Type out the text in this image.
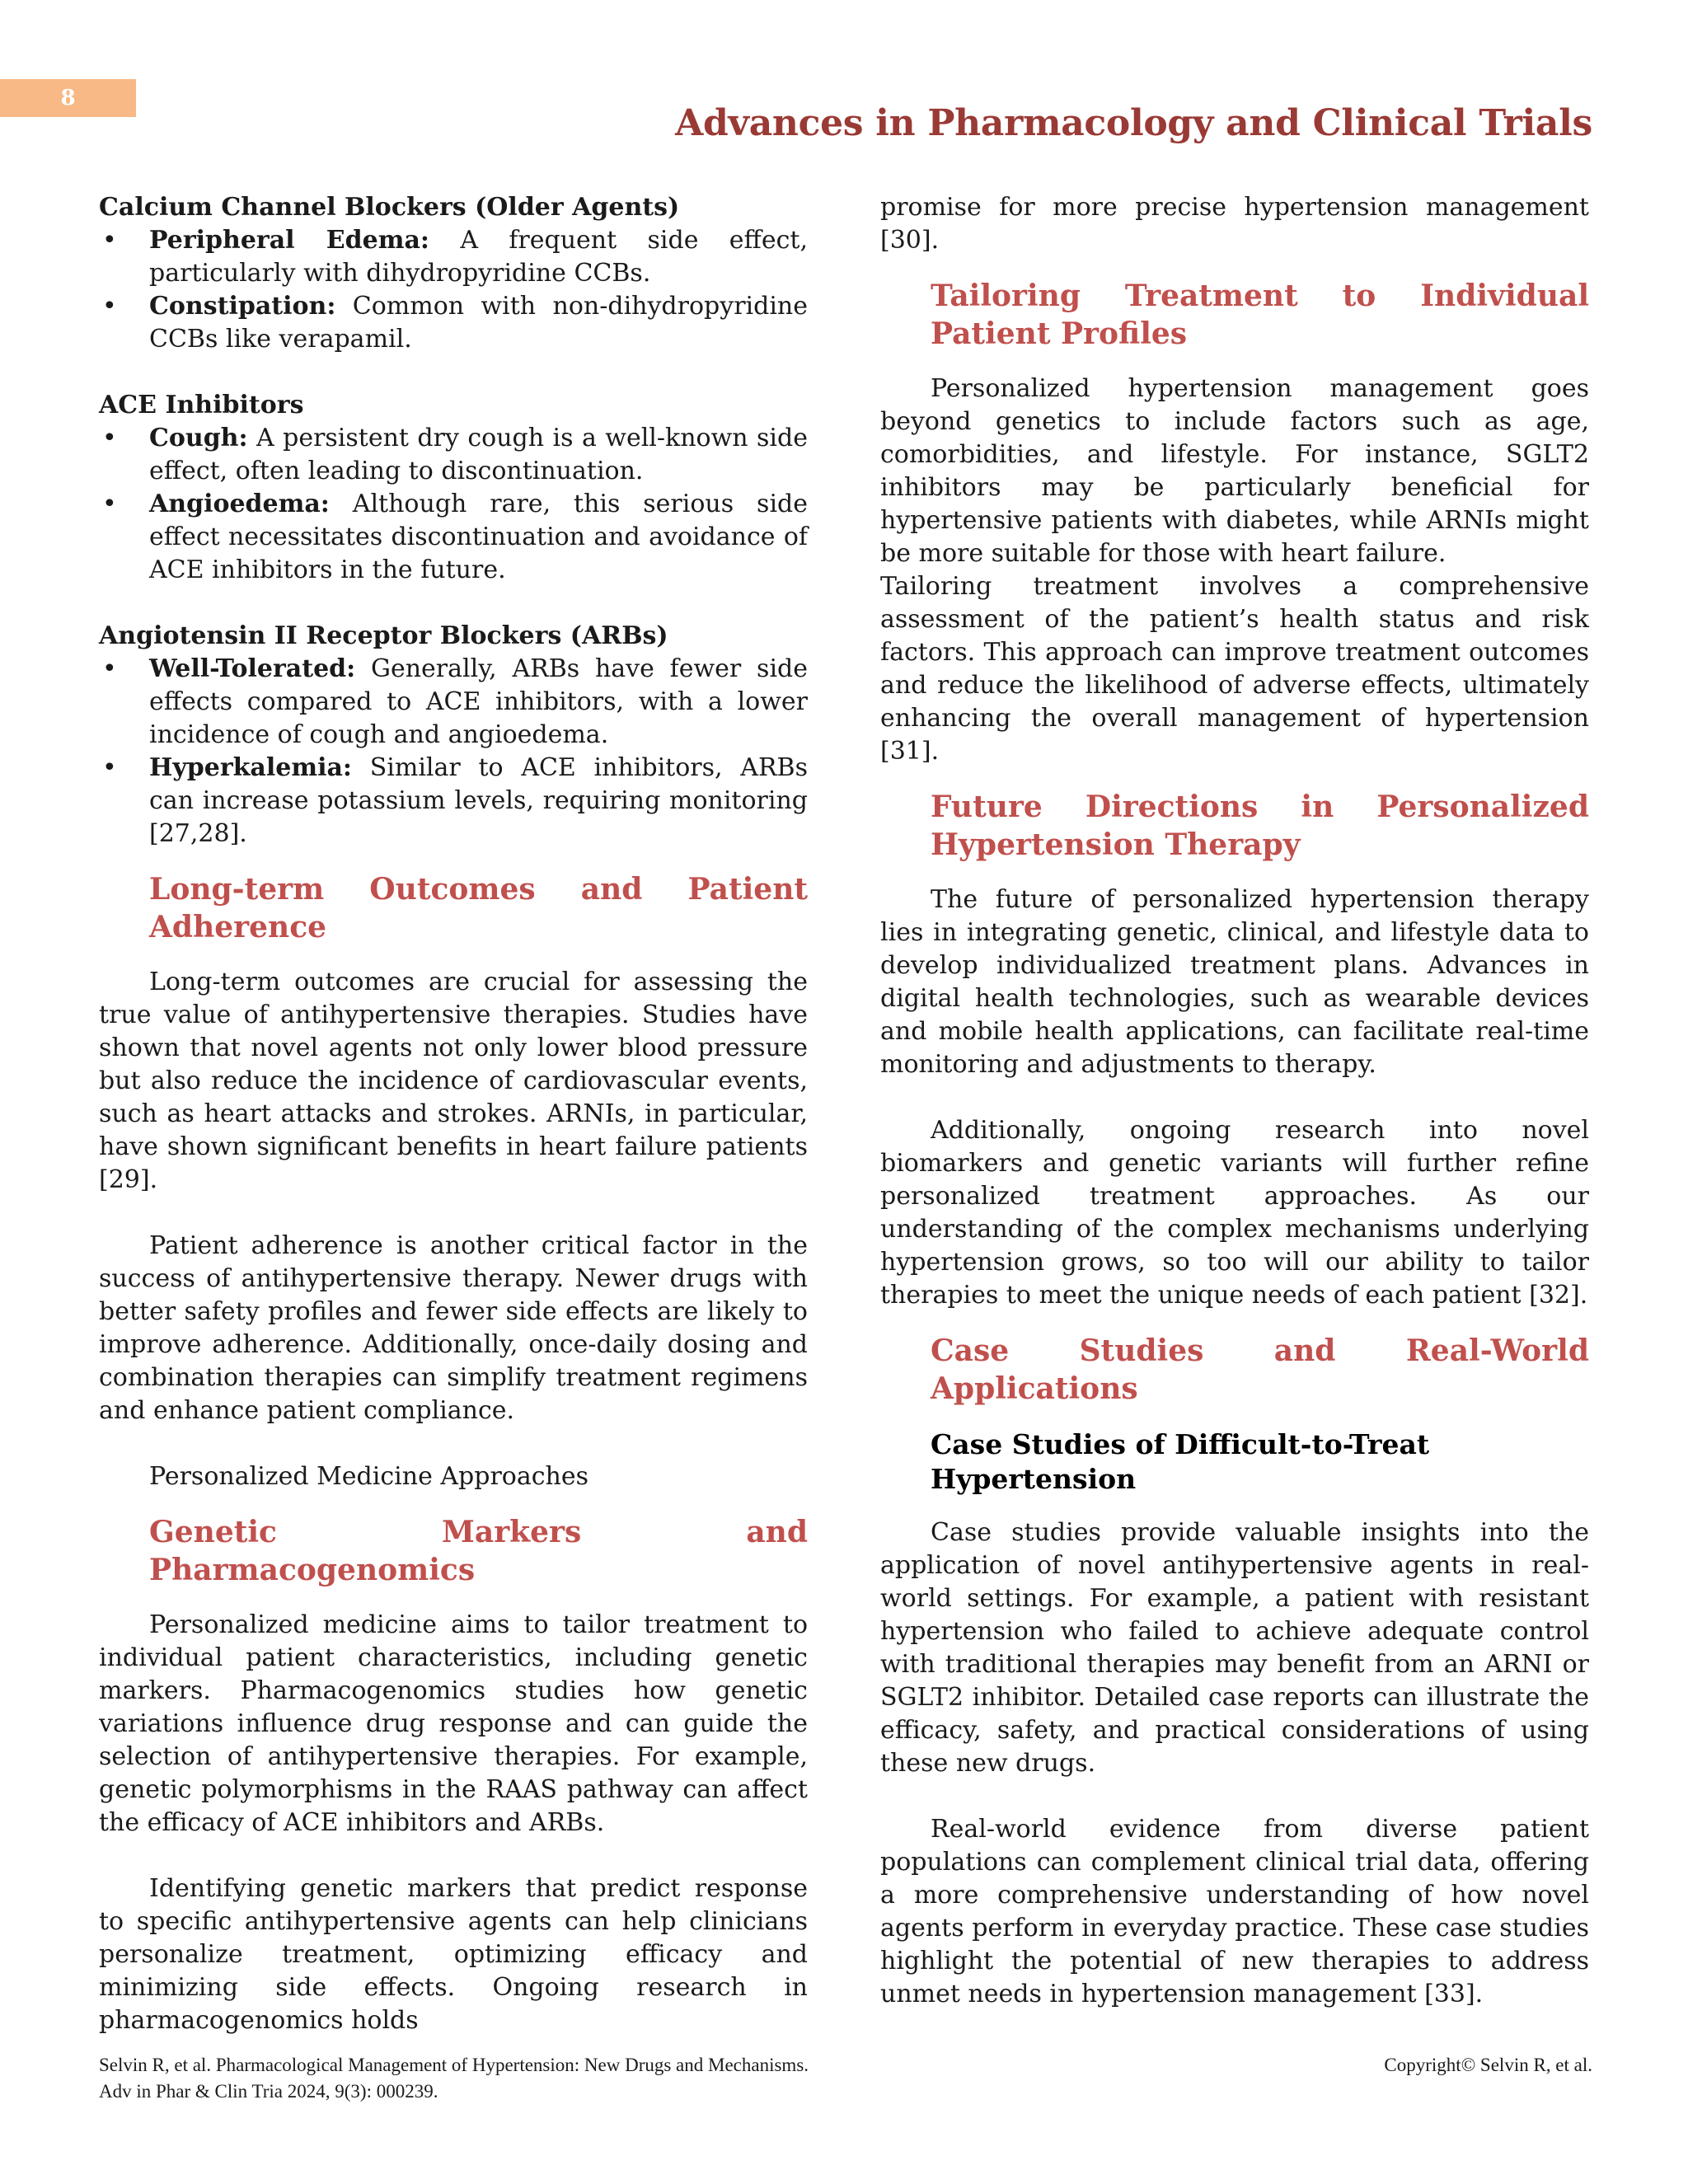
8
Advances in Pharmacology and Clinical Trials
Calcium Channel Blockers (Older Agents)
• Peripheral Edema: A frequent side effect, particularly with dihydropyridine CCBs.
• Constipation: Common with non-dihydropyridine CCBs like verapamil.
ACE Inhibitors
• Cough: A persistent dry cough is a well-known side effect, often leading to discontinuation.
• Angioedema: Although rare, this serious side effect necessitates discontinuation and avoidance of ACE inhibitors in the future.
Angiotensin II Receptor Blockers (ARBs)
• Well-Tolerated: Generally, ARBs have fewer side effects compared to ACE inhibitors, with a lower incidence of cough and angioedema.
• Hyperkalemia: Similar to ACE inhibitors, ARBs can increase potassium levels, requiring monitoring [27,28].
Long-term Outcomes and Patient Adherence

Long-term outcomes are crucial for assessing the true value of antihypertensive therapies. Studies have shown that novel agents not only lower blood pressure but also reduce the incidence of cardiovascular events, such as heart attacks and strokes. ARNIs, in particular, have shown significant benefits in heart failure patients [29].

Patient adherence is another critical factor in the success of antihypertensive therapy. Newer drugs with better safety profiles and fewer side effects are likely to improve adherence. Additionally, once-daily dosing and combination therapies can simplify treatment regimens and enhance patient compliance.

Personalized Medicine Approaches
Genetic Markers and Pharmacogenomics

Personalized medicine aims to tailor treatment to individual patient characteristics, including genetic markers. Pharmacogenomics studies how genetic variations influence drug response and can guide the selection of antihypertensive therapies. For example, genetic polymorphisms in the RAAS pathway can affect the efficacy of ACE inhibitors and ARBs.

Identifying genetic markers that predict response to specific antihypertensive agents can help clinicians personalize treatment, optimizing efficacy and minimizing side effects. Ongoing research in pharmacogenomics holds

promise for more precise hypertension management [30].

Tailoring Treatment to Individual Patient Profiles

Personalized hypertension management goes beyond genetics to include factors such as age, comorbidities, and lifestyle. For instance, SGLT2 inhibitors may be particularly beneficial for hypertensive patients with diabetes, while ARNIs might be more suitable for those with heart failure.

Tailoring treatment involves a comprehensive assessment of the patient’s health status and risk factors. This approach can improve treatment outcomes and reduce the likelihood of adverse effects, ultimately enhancing the overall management of hypertension [31].

Future Directions in Personalized Hypertension Therapy

The future of personalized hypertension therapy lies in integrating genetic, clinical, and lifestyle data to develop individualized treatment plans. Advances in digital health technologies, such as wearable devices and mobile health applications, can facilitate real-time monitoring and adjustments to therapy.

Additionally, ongoing research into novel biomarkers and genetic variants will further refine personalized treatment approaches. As our understanding of the complex mechanisms underlying hypertension grows, so too will our ability to tailor therapies to meet the unique needs of each patient [32].

Case Studies and Real-World Applications
Case Studies of Difficult-to-Treat Hypertension

Case studies provide valuable insights into the application of novel antihypertensive agents in real-world settings. For example, a patient with resistant hypertension who failed to achieve adequate control with traditional therapies may benefit from an ARNI or SGLT2 inhibitor. Detailed case reports can illustrate the efficacy, safety, and practical considerations of using these new drugs.

Real-world evidence from diverse patient populations can complement clinical trial data, offering a more comprehensive understanding of how novel agents perform in everyday practice. These case studies highlight the potential of new therapies to address unmet needs in hypertension management [33].

Selvin R, et al. Pharmacological Management of Hypertension: New Drugs and Mechanisms.
Adv in Phar & Clin Tria 2024, 9(3): 000239.
Copyright© Selvin R, et al.
